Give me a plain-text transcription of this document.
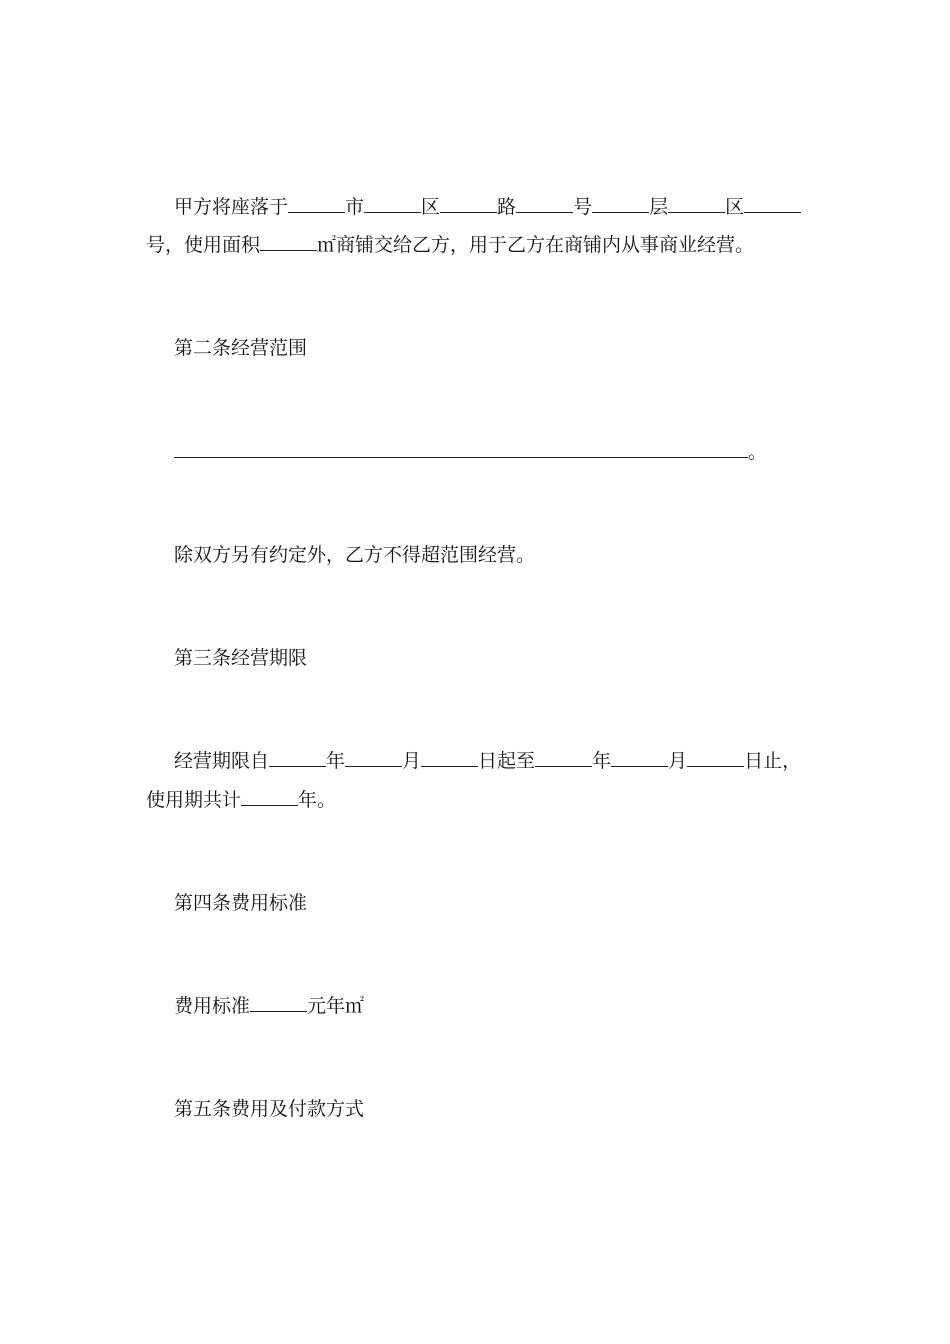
甲方将座落于	市	区	路	号	层	区
号，使用面积	㎡商铺交给乙方，用于乙方在商铺内从事商业经营。
第二条经营范围
。
除双方另有约定外，乙方不得超范围经营。
第三条经营期限
经营期限自	年	月	日起至	年	月	日止，
使用期共计	年。
第四条费用标准
费用标准	元年㎡
第五条费用及付款方式
